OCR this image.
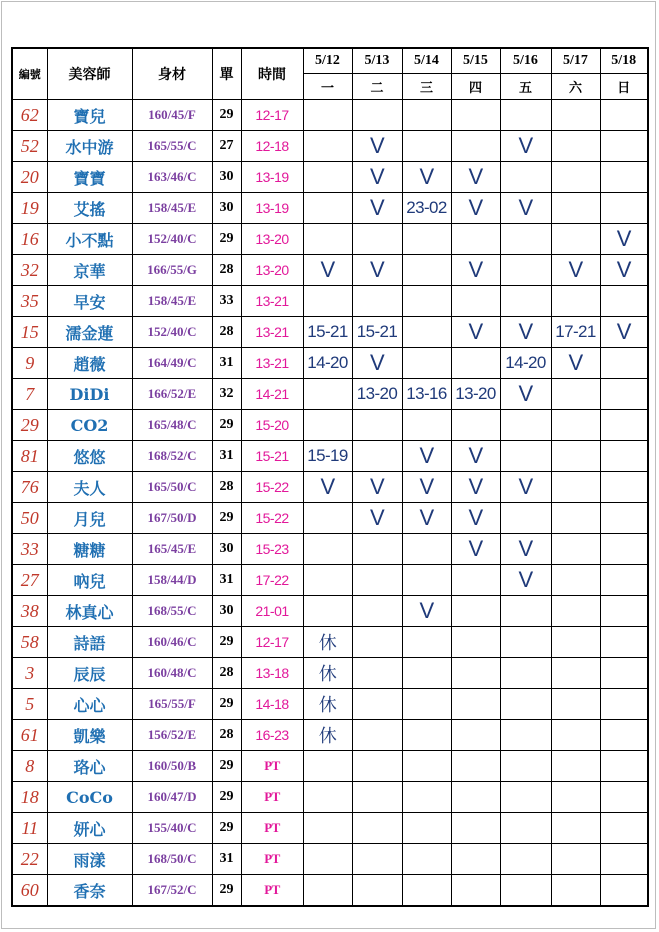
編號	美容師	身材	單	時間	5/12	5/13	5/14	5/15	5/16	5/17	5/18
					一	二	三	四	五	六	日
62	寶兒	160/45/F	29	12-17							
52	水中游	165/55/C	27	12-18		V			V		
20	寶寶	163/46/C	30	13-19		V	V	V			
19	艾搖	158/45/E	30	13-19		V	23-02	V	V		
16	小不點	152/40/C	29	13-20							V
32	京華	166/55/G	28	13-20	V	V		V		V	V
35	早安	158/45/E	33	13-21							
15	濡金蓮	152/40/C	28	13-21	15-21	15-21		V	V	17-21	V
9	趙薇	164/49/C	31	13-21	14-20	V			14-20	V	
7	DiDi	166/52/E	32	14-21		13-20	13-16	13-20	V		
29	CO2	165/48/C	29	15-20							
81	悠悠	168/52/C	31	15-21	15-19		V	V			
76	夫人	165/50/C	28	15-22	V	V	V	V	V		
50	月兒	167/50/D	29	15-22		V	V	V			
33	糖糖	165/45/E	30	15-23				V	V		
27	吶兒	158/44/D	31	17-22					V		
38	林真心	168/55/C	30	21-01			V				
58	詩語	160/46/C	29	12-17	休						
3	辰辰	160/48/C	28	13-18	休						
5	心心	165/55/F	29	14-18	休						
61	凱樂	156/52/E	28	16-23	休						
8	珞心	160/50/B	29	PT							
18	CoCo	160/47/D	29	PT							
11	妍心	155/40/C	29	PT							
22	雨漾	168/50/C	31	PT							
60	香奈	167/52/C	29	PT							
